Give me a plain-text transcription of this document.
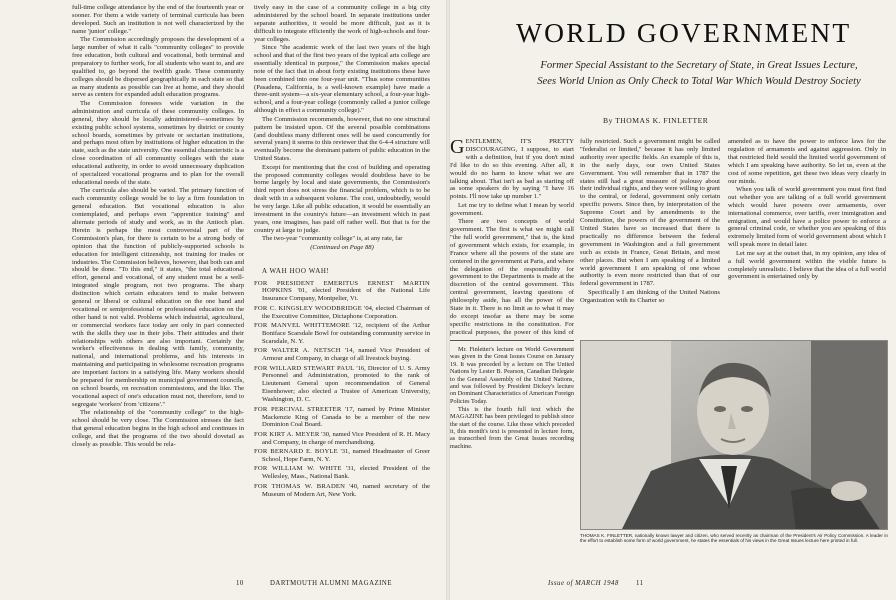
full-time college attendance by the end of the fourteenth year or sooner. For them a wide variety of terminal curricula has been developed. Such an institution is not well characterized by the name 'junior' college."

The Commission accordingly proposes the development of a large number of what it calls "community colleges" to provide free education, both cultural and vocational, both terminal and preparatory to further work, for all students who want to, and are qualified to, go beyond the twelfth grade. These community colleges should be dispersed geographically in each state so that as many students as possible can live at home, and they should serve as centers for expanded adult education programs.

The Commission foresees wide variation in the administration and curricula of these community colleges. In general, they should be locally administered—sometimes by existing public school systems, sometimes by district or county school boards, sometimes by private or sectarian institutions, and perhaps most often by institutions of higher education in the state, such as the state university. One essential characteristic is a close coordination of all community colleges with the state educational authority, in order to avoid unnecessary duplication of specialized vocational programs and to plan for the overall educational needs of the state.

The curricula also should be varied. The primary function of each community college would be to lay a firm foundation in general education. But vocational education is also contemplated, and perhaps even "apprentice training" and alternate periods of study and work, as in the Antioch plan. Herein is perhaps the most controversial part of the Commission's plan, for there is certain to be a strong body of opinion that the function of publicly-supported schools is education for intelligent citizenship, not training for trades or industries. The Commission believes, however, that both can and should be done. "To this end," it states, "the total educational effort, general and vocational, of any student must be a well-integrated single program, not two programs. The sharp distinction which certain educators tend to make between general or liberal or cultural education on the one hand and vocational or semiprofessional or professional education on the other hand is not valid. Problems which industrial, agricultural, or commercial workers face today are only in part connected with the skills they use in their jobs. Their attitudes and their relationships with others are also important. Certainly the worker's effectiveness in dealing with family, community, national, and international problems, and his interests in maintaining and participating in wholesome recreation programs are important factors in a satisfying life. Many workers should be prepared for membership on municipal government councils, on school boards, on recreation commissions, and the like. The vocational aspect of one's education must not, therefore, tend to segregate 'workers' from 'citizens'."

The relationship of the "community college" to the high-school should be very close. The Commission stresses the fact that general education begins in the high school and continues in college, and that the programs of the two should dovetail as closely as possible. This would be rela-

tively easy in the case of a community college in a big city administered by the school board. In separate institutions under separate authorities, it would be more difficult, just as it is difficult to integrate efficiently the work of high-schools and four-year colleges.

Since "the academic work of the last two years of the high school and that of the first two years of the typical arts college are essentially identical in purpose," the Commission makes special note of the fact that in about forty existing institutions these have been combined into one four-year unit. "Thus some communities (Pasadena, California, is a well-known example) have made a three-unit system—a six-year elementary school, a four-year high-school, and a four-year college (commonly called a junior college although in effect a community college)."

The Commission recommends, however, that no one structural pattern be insisted upon. Of the several possible combinations (and doubtless many different ones will be used concurrently for several years) it seems to this reviewer that the 6-4-4 structure will eventually become the dominant pattern of public education in the United States.

Except for mentioning that the cost of building and operating the proposed community colleges would doubtless have to be borne largely by local and state governments, the Commission's third report does not stress the financial problem, which is to be dealt with in a subsequent volume. The cost, undoubtedly, would be very large. Like all public education, it would be essentially an investment in the country's future—an investment which in past years, one imagines, has paid off rather well. But that is for the country at large to judge.

The two-year "community college" is, at any rate, far

(Continued on Page 88)

A WAH HOO WAH!

FOR PRESIDENT EMERITUS ERNEST MARTIN HOPKINS '01, elected President of the National Life Insurance Company, Montpelier, Vt.

FOR C. KINGSLEY WOODBRIDGE '04, elected Chairman of the Executive Committee, Dictaphone Corporation.

FOR MANVEL WHITTEMORE '12, recipient of the Arthur Boniface Scarsdale Bowl for outstanding community service in Scarsdale, N. Y.

FOR WALTER A. NETSCH '14, named Vice President of Armour and Company, in charge of all livestock buying.

FOR WILLARD STEWART PAUL '16, Director of U. S. Army Personnel and Administration, promoted to the rank of Lieutenant General upon recommendation of General Eisenhower; also elected a Trustee of American University, Washington, D. C.

FOR PERCIVAL STREETER '17, named by Prime Minister Mackenzie King of Canada to be a member of the new Dominion Coal Board.

FOR KIRT A. MEYER '30, named Vice President of R. H. Macy and Company, in charge of merchandising.

FOR BERNARD E. BOYLE '31, named Headmaster of Greer School, Hope Farm, N. Y.

FOR WILLIAM W. WHITE '31, elected President of the Wellesley, Mass., National Bank.

FOR THOMAS W. BRADEN '40, named secretary of the Museum of Modern Art, New York.

10	DARTMOUTH ALUMNI MAGAZINE
WORLD GOVERNMENT
Former Special Assistant to the Secretary of State, in Great Issues Lecture, Sees World Union as Only Check to Total War Which Would Destroy Society
By THOMAS K. FINLETTER

GENTLEMEN, IT'S PRETTY DISCOURAGING, I suppose, to start with a definition, but if you don't mind I'd like to do so this evening. After all, it would do no harm to know what we are talking about. That isn't as bad as starting off as some speakers do by saying "I have 16 points. I'll now take up number 1."

Let me try to define what I mean by world government.

There are two concepts of world government. The first is what we might call "the full world government," that is, the kind of government which exists, for example, in France where all the powers of the state are centered in the government at Paris, and where the delegation of the responsibility for government to the Departments is made at the discretion of the central government. This central government, leaving questions of philosophy aside, has all the power of the State in it. There is no limit as to what it may do except insofar as there may be some specific restrictions in the constitution. For practical purposes, the power of this kind of

fully restricted. Such a government might be called "federalist or limited," because it has only limited authority over specific fields. An example of this is, in the early days, our own United States Government. You will remember that in 1787 the states still had a great measure of jealousy about their individual rights, and they were willing to grant to the central, or federal, government only certain specific powers. Since then, by interpretation of the Supreme Court and by amendments to the Constitution, the powers of the government of the United States have so increased that there is practically no difference between the federal government in Washington and a full government such as exists in France, Great Britain, and most other places. But when I am speaking of a limited world government I am speaking of one whose authority is even more restricted than that of our federal government in 1787.

Specifically I am thinking of the United Nations Organization with its Charter so

amended as to have the power to enforce laws for the regulation of armaments and against aggression. Only in that restricted field would the limited world government of which I am speaking have authority. So let us, even at the cost of some repetition, get these two ideas very clearly in our minds.

When you talk of world government you must first find out whether you are talking of a full world government which would have powers over armaments, over international commerce, over tariffs, over immigration and emigration, and would have a police power to enforce a general criminal code, or whether you are speaking of this extremely limited form of world government about which I will speak more in detail later.

Let me say at the outset that, in my opinion, any idea of a full world government within the visible future is completely unrealistic. I believe that the idea of a full world government is entertained only by

Mr. Finletter's lecture on World Government was given in the Great Issues Course on January 19. It was preceded by a lecture on The United Nations by Lester B. Pearson, Canadian Delegate to the General Assembly of the United Nations, and was followed by President Dickey's lecture on Dominant Characteristics of American Foreign Policies Today.

This is the fourth full text which the MAGAZINE has been privileged to publish since the start of the course. Like those which preceded it, this month's text is presented in lecture form, as transcribed from the Great Issues recording machine.

THOMAS K. FINLETTER, nationally known lawyer and citizen, who served recently as chairman of the President's Air Policy Commission. A leader in the effort to establish some form of world government, he states the essentials of his views in the Great Issues lecture here printed in full.
Issue of MARCH 1948	11
